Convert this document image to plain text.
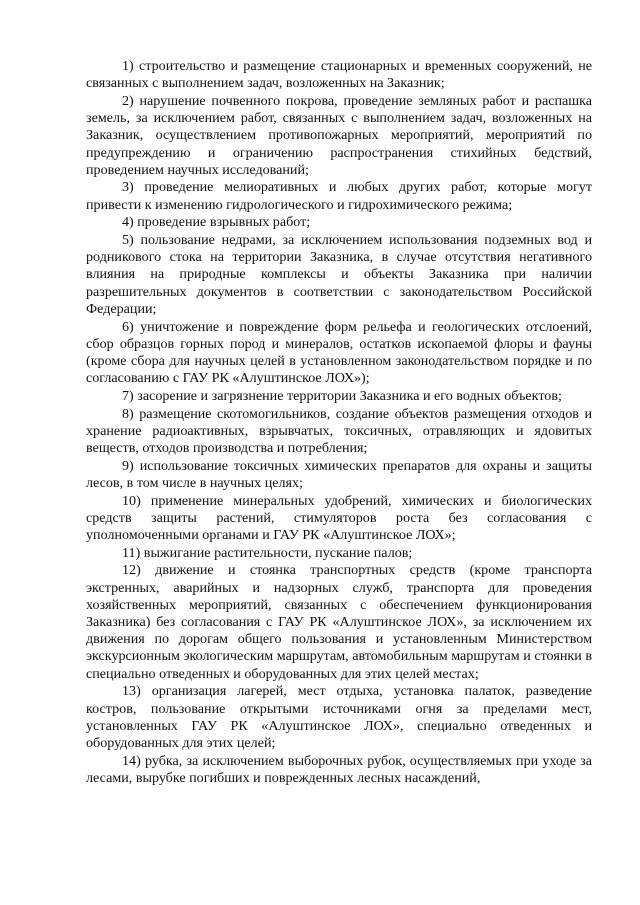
1) строительство и размещение стационарных и временных сооружений, не связанных с выполнением задач, возложенных на Заказник;

2) нарушение почвенного покрова, проведение земляных работ и распашка земель, за исключением работ, связанных с выполнением задач, возложенных на Заказник, осуществлением противопожарных мероприятий, мероприятий по предупреждению и ограничению распространения стихийных бедствий, проведением научных исследований;

3) проведение мелиоративных и любых других работ, которые могут привести к изменению гидрологического и гидрохимического режима;

4) проведение взрывных работ;

5) пользование недрами, за исключением использования подземных вод и родникового стока на территории Заказника, в случае отсутствия негативного влияния на природные комплексы и объекты Заказника при наличии разрешительных документов в соответствии с законодательством Российской Федерации;

6) уничтожение и повреждение форм рельефа и геологических отслоений, сбор образцов горных пород и минералов, остатков ископаемой флоры и фауны (кроме сбора для научных целей в установленном законодательством порядке и по согласованию с ГАУ РК «Алуштинское ЛОХ»);

7) засорение и загрязнение территории Заказника и его водных объектов;

8) размещение скотомогильников, создание объектов размещения отходов и хранение радиоактивных, взрывчатых, токсичных, отравляющих и ядовитых веществ, отходов производства и потребления;

9) использование токсичных химических препаратов для охраны и защиты лесов, в том числе в научных целях;

10) применение минеральных удобрений, химических и биологических средств защиты растений, стимуляторов роста без согласования с уполномоченными органами и ГАУ РК «Алуштинское ЛОХ»;

11) выжигание растительности, пускание палов;

12) движение и стоянка транспортных средств (кроме транспорта экстренных, аварийных и надзорных служб, транспорта для проведения хозяйственных мероприятий, связанных с обеспечением функционирования Заказника) без согласования с ГАУ РК «Алуштинское ЛОХ», за исключением их движения по дорогам общего пользования и установленным Министерством экскурсионным экологическим маршрутам, автомобильным маршрутам и стоянки в специально отведенных и оборудованных для этих целей местах;

13) организация лагерей, мест отдыха, установка палаток, разведение костров, пользование открытыми источниками огня за пределами мест, установленных ГАУ РК «Алуштинское ЛОХ», специально отведенных и оборудованных для этих целей;

14) рубка, за исключением выборочных рубок, осуществляемых при уходе за лесами, вырубке погибших и поврежденных лесных насаждений,
